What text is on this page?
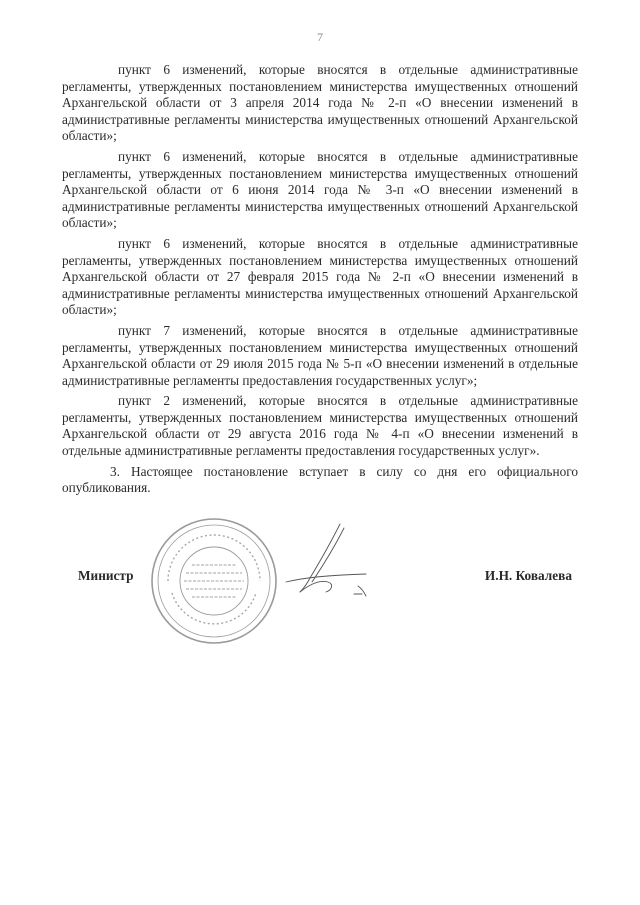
7

пункт 6 изменений, которые вносятся в отдельные административные регламенты, утвержденных постановлением министерства имущественных отношений Архангельской области от 3 апреля 2014 года № 2-п «О внесении изменений в административные регламенты министерства имущественных отношений Архангельской области»;

пункт 6 изменений, которые вносятся в отдельные административные регламенты, утвержденных постановлением министерства имущественных отношений Архангельской области от 6 июня 2014 года № 3-п «О внесении изменений в административные регламенты министерства имущественных отношений Архангельской области»;

пункт 6 изменений, которые вносятся в отдельные административные регламенты, утвержденных постановлением министерства имущественных отношений Архангельской области от 27 февраля 2015 года № 2-п «О внесении изменений в административные регламенты министерства имущественных отношений Архангельской области»;

пункт 7 изменений, которые вносятся в отдельные административные регламенты, утвержденных постановлением министерства имущественных отношений Архангельской области от 29 июля 2015 года № 5-п «О внесении изменений в отдельные административные регламенты предоставления государственных услуг»;

пункт 2 изменений, которые вносятся в отдельные административные регламенты, утвержденных постановлением министерства имущественных отношений Архангельской области от 29 августа 2016 года № 4-п «О внесении изменений в отдельные административные регламенты предоставления государственных услуг».

3. Настоящее постановление вступает в силу со дня его официального опубликования.

Министр	И.Н. Ковалева
